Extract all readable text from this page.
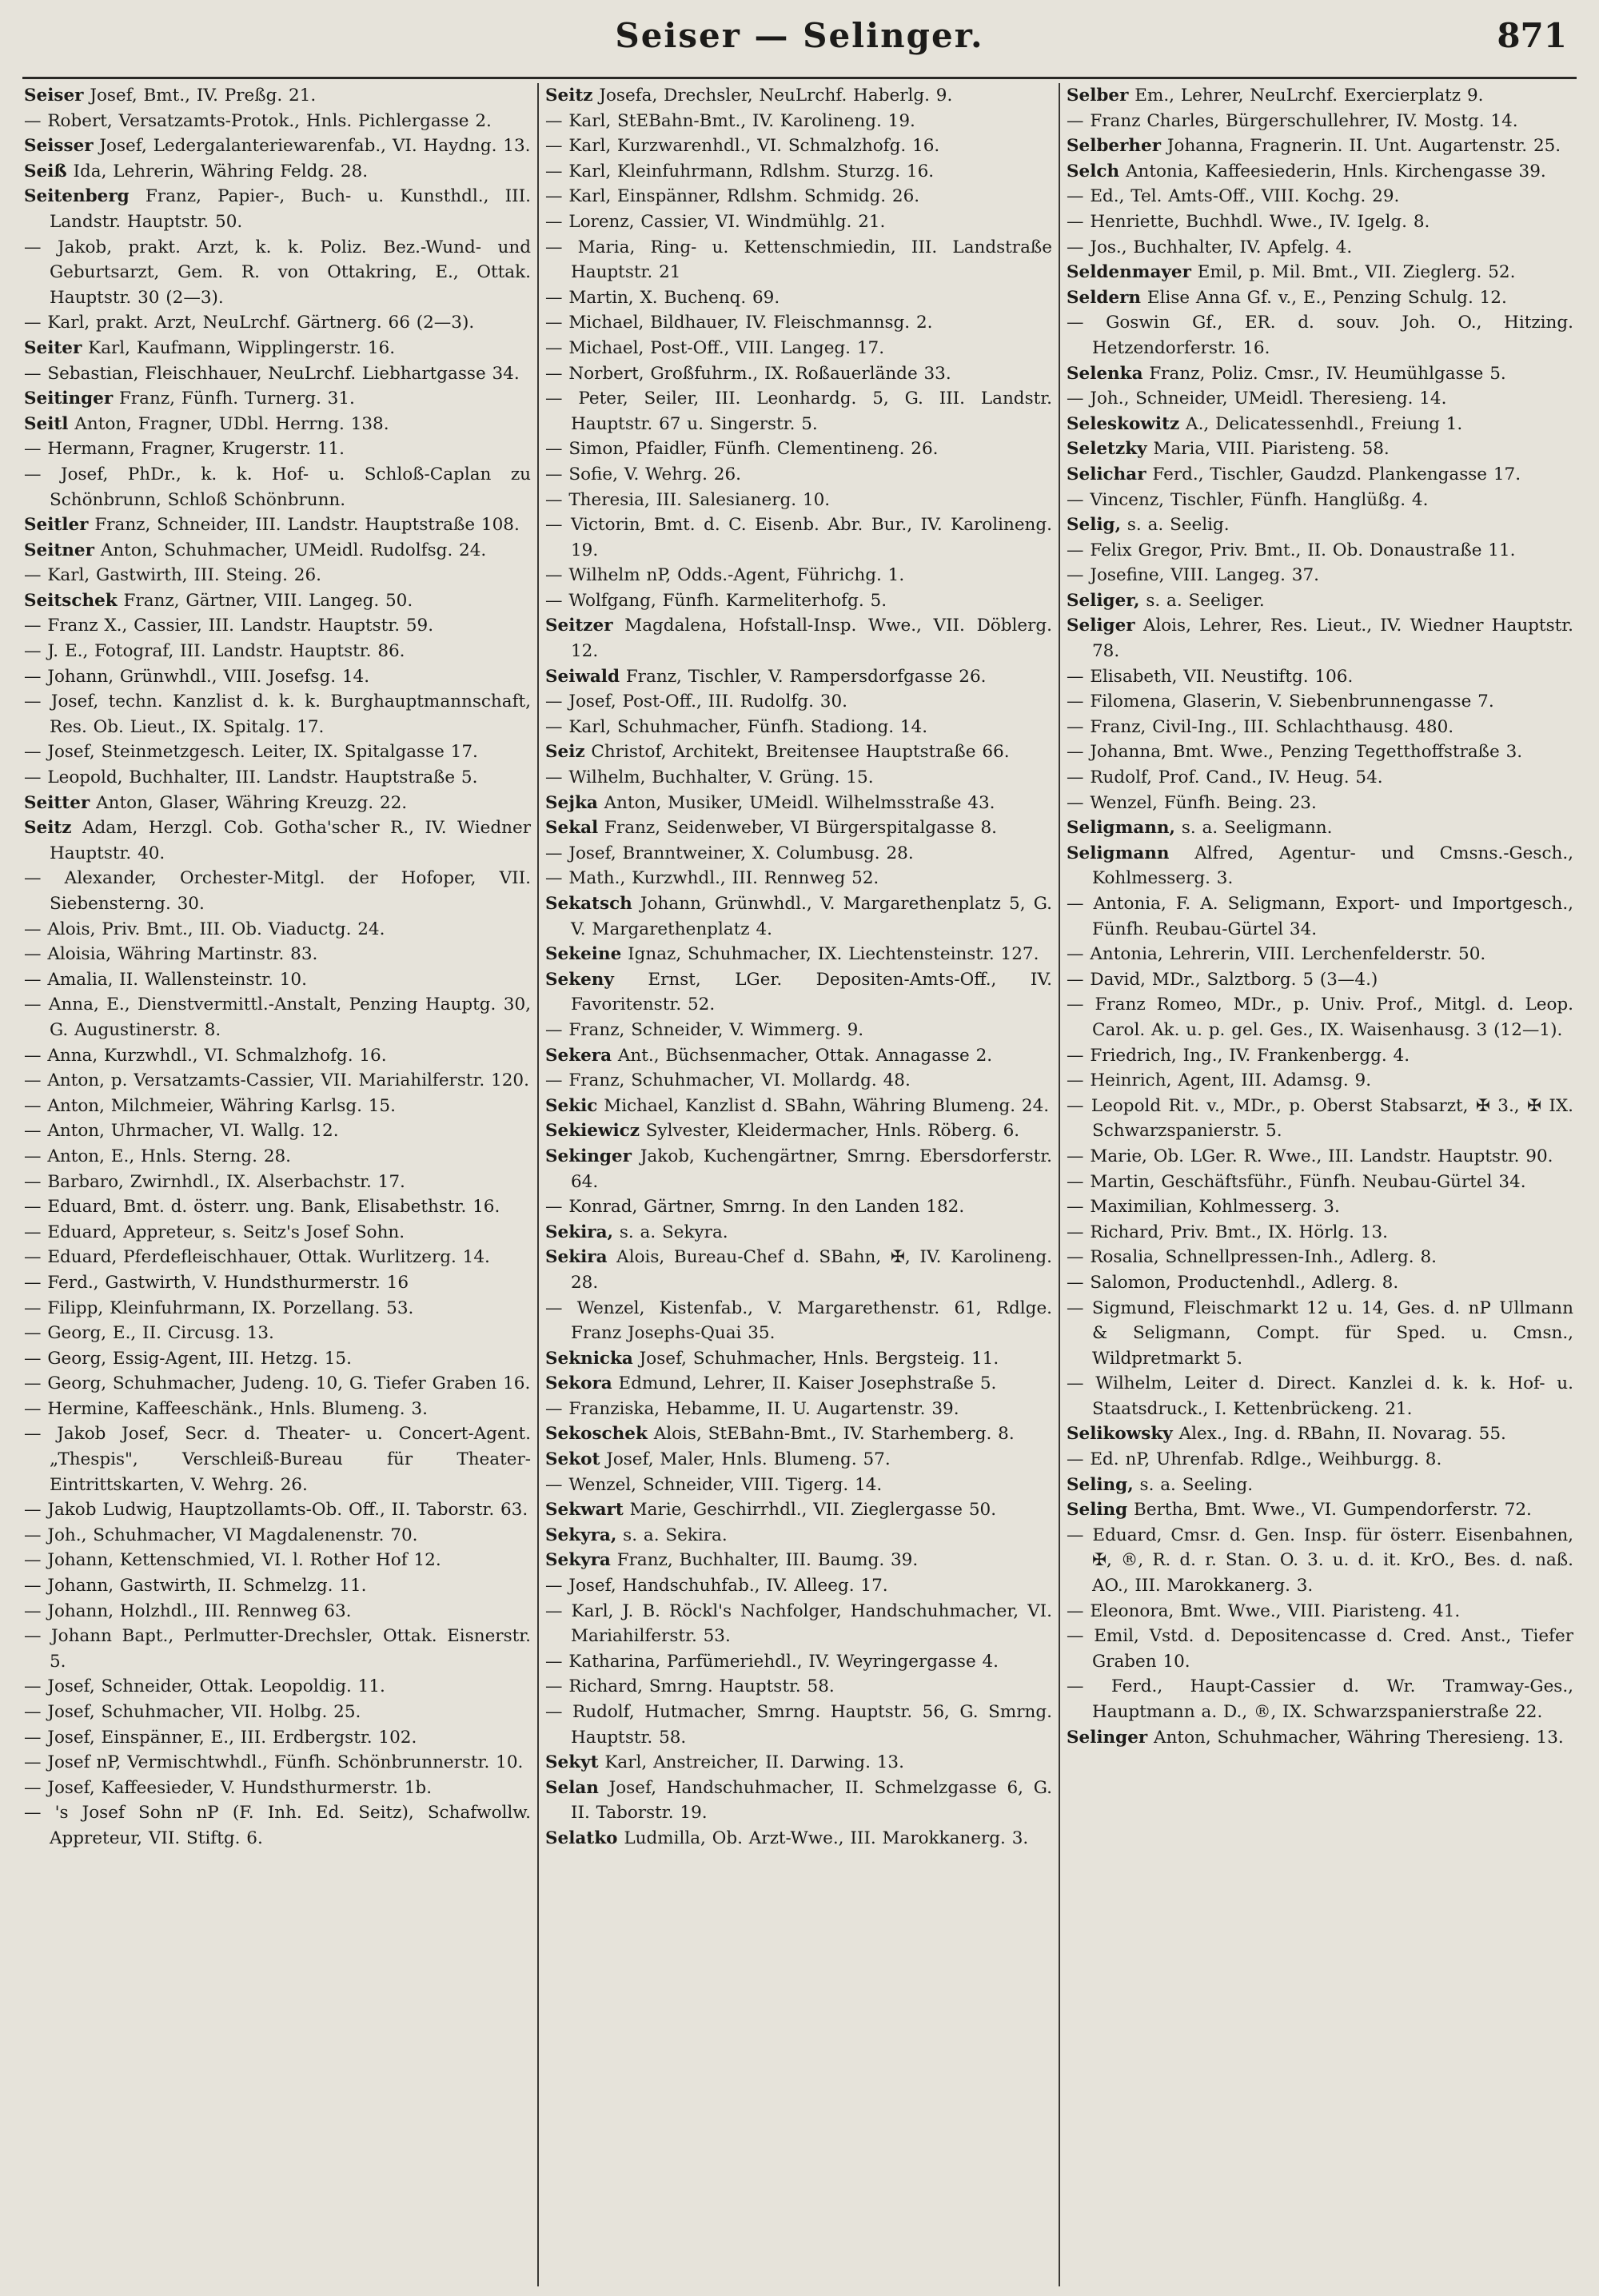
Seiser — Selinger.	871
Seiser Josef, Bmt., IV. Preßg. 21.
— Robert, Versatzamts-Protok., Hnls. Pichlergasse 2.
Seisser Josef, Ledergalanteriewarenfab., VI. Haydng. 13.
Seiß Ida, Lehrerin, Währing Feldg. 28.
Seitenberg Franz, Papier-, Buch- u. Kunsthdl., III. Landstr. Hauptstr. 50.
— Jakob, prakt. Arzt, k. k. Poliz. Bez.-Wund- und Geburtsarzt, Gem. R. von Ottakring, E., Ottak. Hauptstr. 30 (2—3).
— Karl, prakt. Arzt, NeuLrchf. Gärtnerg. 66 (2—3).
Seiter Karl, Kaufmann, Wipplingerstr. 16.
— Sebastian, Fleischhauer, NeuLrchf. Liebhartgasse 34.
Seitinger Franz, Fünfh. Turnerg. 31.
Seitl Anton, Fragner, UDbl. Herrng. 138.
— Hermann, Fragner, Krugerstr. 11.
— Josef, PhDr., k. k. Hof- u. Schloß-Caplan zu Schönbrunn, Schloß Schönbrunn.
Seitler Franz, Schneider, III. Landstr. Hauptstraße 108.
Seitner Anton, Schuhmacher, UMeidl. Rudolfsg. 24.
— Karl, Gastwirth, III. Steing. 26.
Seitschek Franz, Gärtner, VIII. Langeg. 50.
— Franz X., Cassier, III. Landstr. Hauptstr. 59.
— J. E., Fotograf, III. Landstr. Hauptstr. 86.
— Johann, Grünwhdl., VIII. Josefsg. 14.
— Josef, techn. Kanzlist d. k. k. Burghauptmannschaft, Res. Ob. Lieut., IX. Spitalg. 17.
— Josef, Steinmetzgesch. Leiter, IX. Spitalgasse 17.
— Leopold, Buchhalter, III. Landstr. Hauptstraße 5.
Seitter Anton, Glaser, Währing Kreuzg. 22.
Seitz Adam, Herzgl. Cob. Gotha'scher R., IV. Wiedner Hauptstr. 40.
— Alexander, Orchester-Mitgl. der Hofoper, VII. Siebensterng. 30.
— Alois, Priv. Bmt., III. Ob. Viaductg. 24.
— Aloisia, Währing Martinstr. 83.
— Amalia, II. Wallensteinstr. 10.
— Anna, E., Dienstvermittl.-Anstalt, Penzing Hauptg. 30, G. Augustinerstr. 8.
— Anna, Kurzwhdl., VI. Schmalzhofg. 16.
— Anton, p. Versatzamts-Cassier, VII. Mariahilferstr. 120.
— Anton, Milchmeier, Währing Karlsg. 15.
— Anton, Uhrmacher, VI. Wallg. 12.
— Anton, E., Hnls. Sterng. 28.
— Barbaro, Zwirnhdl., IX. Alserbachstr. 17.
— Eduard, Bmt. d. österr. ung. Bank, Elisabethstr. 16.
— Eduard, Appreteur, s. Seitz's Josef Sohn.
— Eduard, Pferdefleischhauer, Ottak. Wurlitzerg. 14.
— Ferd., Gastwirth, V. Hundsthurmerstr. 16
— Filipp, Kleinfuhrmann, IX. Porzellang. 53.
— Georg, E., II. Circusg. 13.
— Georg, Essig-Agent, III. Hetzg. 15.
— Georg, Schuhmacher, Judeng. 10, G. Tiefer Graben 16.
— Hermine, Kaffeeschänk., Hnls. Blumeng. 3.
— Jakob Josef, Secr. d. Theater- u. Concert-Agent. „Thespis", Verschleiß-Bureau für Theater-Eintrittskarten, V. Wehrg. 26.
— Jakob Ludwig, Hauptzollamts-Ob. Off., II. Taborstr. 63.
— Joh., Schuhmacher, VI Magdalenenstr. 70.
— Johann, Kettenschmied, VI. l. Rother Hof 12.
— Johann, Gastwirth, II. Schmelzg. 11.
— Johann, Holzhdl., III. Rennweg 63.
— Johann Bapt., Perlmutter-Drechsler, Ottak. Eisnerstr. 5.
— Josef, Schneider, Ottak. Leopoldig. 11.
— Josef, Schuhmacher, VII. Holbg. 25.
— Josef, Einspänner, E., III. Erdbergstr. 102.
— Josef nP, Vermischtwhdl., Fünfh. Schönbrunnerstr. 10.
— Josef, Kaffeesieder, V. Hundsthurmerstr. 1b.
— 's Josef Sohn nP (F. Inh. Ed. Seitz), Schafwollw. Appreteur, VII. Stiftg. 6.
Seitz Josefa, Drechsler, NeuLrchf. Haberlg. 9.
— Karl, StEBahn-Bmt., IV. Karolineng. 19.
— Karl, Kurzwarenhdl., VI. Schmalzhofg. 16.
— Karl, Kleinfuhrmann, Rdlshm. Sturzg. 16.
— Karl, Einspänner, Rdlshm. Schmidg. 26.
— Lorenz, Cassier, VI. Windmühlg. 21.
— Maria, Ring- u. Kettenschmiedin, III. Landstraße Hauptstr. 21
— Martin, X. Buchenq. 69.
— Michael, Bildhauer, IV. Fleischmannsg. 2.
— Michael, Post-Off., VIII. Langeg. 17.
— Norbert, Großfuhrm., IX. Roßauerlände 33.
— Peter, Seiler, III. Leonhardg. 5, G. III. Landstr. Hauptstr. 67 u. Singerstr. 5.
— Simon, Pfaidler, Fünfh. Clementineng. 26.
— Sofie, V. Wehrg. 26.
— Theresia, III. Salesianerg. 10.
— Victorin, Bmt. d. C. Eisenb. Abr. Bur., IV. Karolineng. 19.
— Wilhelm nP, Odds.-Agent, Führichg. 1.
— Wolfgang, Fünfh. Karmeliterhofg. 5.
Seitzer Magdalena, Hofstall-Insp. Wwe., VII. Döblerg. 12.
Seiwald Franz, Tischler, V. Rampersdorfgasse 26.
— Josef, Post-Off., III. Rudolfg. 30.
— Karl, Schuhmacher, Fünfh. Stadiong. 14.
Seiz Christof, Architekt, Breitensee Hauptstraße 66.
— Wilhelm, Buchhalter, V. Grüng. 15.
Sejka Anton, Musiker, UMeidl. Wilhelmsstraße 43.
Sekal Franz, Seidenweber, VI Bürgerspitalgasse 8.
— Josef, Branntweiner, X. Columbusg. 28.
— Math., Kurzwhdl., III. Rennweg 52.
Sekatsch Johann, Grünwhdl., V. Margarethenplatz 5, G. V. Margarethenplatz 4.
Sekeine Ignaz, Schuhmacher, IX. Liechtensteinstr. 127.
Sekeny Ernst, LGer. Depositen-Amts-Off., IV. Favoritenstr. 52.
— Franz, Schneider, V. Wimmerg. 9.
Sekera Ant., Büchsenmacher, Ottak. Annagasse 2.
— Franz, Schuhmacher, VI. Mollardg. 48.
Sekic Michael, Kanzlist d. SBahn, Währing Blumeng. 24.
Sekiewicz Sylvester, Kleidermacher, Hnls. Röberg. 6.
Sekinger Jakob, Kuchengärtner, Smrng. Ebersdorferstr. 64.
— Konrad, Gärtner, Smrng. In den Landen 182.
Sekira, s. a. Sekyra.
Sekira Alois, Bureau-Chef d. SBahn, ✠, IV. Karolineng. 28.
— Wenzel, Kistenfab., V. Margarethenstr. 61, Rdlge. Franz Josephs-Quai 35.
Seknicka Josef, Schuhmacher, Hnls. Bergsteig. 11.
Sekora Edmund, Lehrer, II. Kaiser Josephstraße 5.
— Franziska, Hebamme, II. U. Augartenstr. 39.
Sekoschek Alois, StEBahn-Bmt., IV. Starhemberg. 8.
Sekot Josef, Maler, Hnls. Blumeng. 57.
— Wenzel, Schneider, VIII. Tigerg. 14.
Sekwart Marie, Geschirrhdl., VII. Zieglergasse 50.
Sekyra, s. a. Sekira.
Sekyra Franz, Buchhalter, III. Baumg. 39.
— Josef, Handschuhfab., IV. Alleeg. 17.
— Karl, J. B. Röckl's Nachfolger, Handschuhmacher, VI. Mariahilferstr. 53.
— Katharina, Parfümeriehdl., IV. Weyringergasse 4.
— Richard, Smrng. Hauptstr. 58.
— Rudolf, Hutmacher, Smrng. Hauptstr. 56, G. Smrng. Hauptstr. 58.
Sekyt Karl, Anstreicher, II. Darwing. 13.
Selan Josef, Handschuhmacher, II. Schmelzgasse 6, G. II. Taborstr. 19.
Selatko Ludmilla, Ob. Arzt-Wwe., III. Marokkanerg. 3.
Selber Em., Lehrer, NeuLrchf. Exercierplatz 9.
— Franz Charles, Bürgerschullehrer, IV. Mostg. 14.
Selberher Johanna, Fragnerin. II. Unt. Augartenstr. 25.
Selch Antonia, Kaffeesiederin, Hnls. Kirchengasse 39.
— Ed., Tel. Amts-Off., VIII. Kochg. 29.
— Henriette, Buchhdl. Wwe., IV. Igelg. 8.
— Jos., Buchhalter, IV. Apfelg. 4.
Seldenmayer Emil, p. Mil. Bmt., VII. Zieglerg. 52.
Seldern Elise Anna Gf. v., E., Penzing Schulg. 12.
— Goswin Gf., ER. d. souv. Joh. O., Hitzing. Hetzendorferstr. 16.
Selenka Franz, Poliz. Cmsr., IV. Heumühlgasse 5.
— Joh., Schneider, UMeidl. Theresieng. 14.
Seleskowitz A., Delicatessenhdl., Freiung 1.
Seletzky Maria, VIII. Piaristeng. 58.
Selichar Ferd., Tischler, Gaudzd. Plankengasse 17.
— Vincenz, Tischler, Fünfh. Hanglüßg. 4.
Selig, s. a. Seelig.
— Felix Gregor, Priv. Bmt., II. Ob. Donaustraße 11.
— Josefine, VIII. Langeg. 37.
Seliger, s. a. Seeliger.
Seliger Alois, Lehrer, Res. Lieut., IV. Wiedner Hauptstr. 78.
— Elisabeth, VII. Neustiftg. 106.
— Filomena, Glaserin, V. Siebenbrunnengasse 7.
— Franz, Civil-Ing., III. Schlachthausg. 480.
— Johanna, Bmt. Wwe., Penzing Tegetthoffstraße 3.
— Rudolf, Prof. Cand., IV. Heug. 54.
— Wenzel, Fünfh. Being. 23.
Seligmann, s. a. Seeligmann.
Seligmann Alfred, Agentur- und Cmsns.-Gesch., Kohlmesserg. 3.
— Antonia, F. A. Seligmann, Export- und Importgesch., Fünfh. Reubau-Gürtel 34.
— Antonia, Lehrerin, VIII. Lerchenfelderstr. 50.
— David, MDr., Salztborg. 5 (3—4.)
— Franz Romeo, MDr., p. Univ. Prof., Mitgl. d. Leop. Carol. Ak. u. p. gel. Ges., IX. Waisenhausg. 3 (12—1).
— Friedrich, Ing., IV. Frankenbergg. 4.
— Heinrich, Agent, III. Adamsg. 9.
— Leopold Rit. v., MDr., p. Oberst Stabsarzt, ✠ 3., ✠ IX. Schwarzspanierstr. 5.
— Marie, Ob. LGer. R. Wwe., III. Landstr. Hauptstr. 90.
— Martin, Geschäftsführ., Fünfh. Neubau-Gürtel 34.
— Maximilian, Kohlmesserg. 3.
— Richard, Priv. Bmt., IX. Hörlg. 13.
— Rosalia, Schnellpressen-Inh., Adlerg. 8.
— Salomon, Productenhdl., Adlerg. 8.
— Sigmund, Fleischmarkt 12 u. 14, Ges. d. nP Ullmann & Seligmann, Compt. für Sped. u. Cmsn., Wildpretmarkt 5.
— Wilhelm, Leiter d. Direct. Kanzlei d. k. k. Hof- u. Staatsdruck., I. Kettenbrückeng. 21.
Selikowsky Alex., Ing. d. RBahn, II. Novarag. 55.
— Ed. nP, Uhrenfab. Rdlge., Weihburgg. 8.
Seling, s. a. Seeling.
Seling Bertha, Bmt. Wwe., VI. Gumpendorferstr. 72.
— Eduard, Cmsr. d. Gen. Insp. für österr. Eisenbahnen, ✠, ®, R. d. r. Stan. O. 3. u. d. it. KrO., Bes. d. naß. AO., III. Marokkanerg. 3.
— Eleonora, Bmt. Wwe., VIII. Piaristeng. 41.
— Emil, Vstd. d. Depositencasse d. Cred. Anst., Tiefer Graben 10.
— Ferd., Haupt-Cassier d. Wr. Tramway-Ges., Hauptmann a. D., ®, IX. Schwarzspanierstraße 22.
Selinger Anton, Schuhmacher, Währing Theresieng. 13.
